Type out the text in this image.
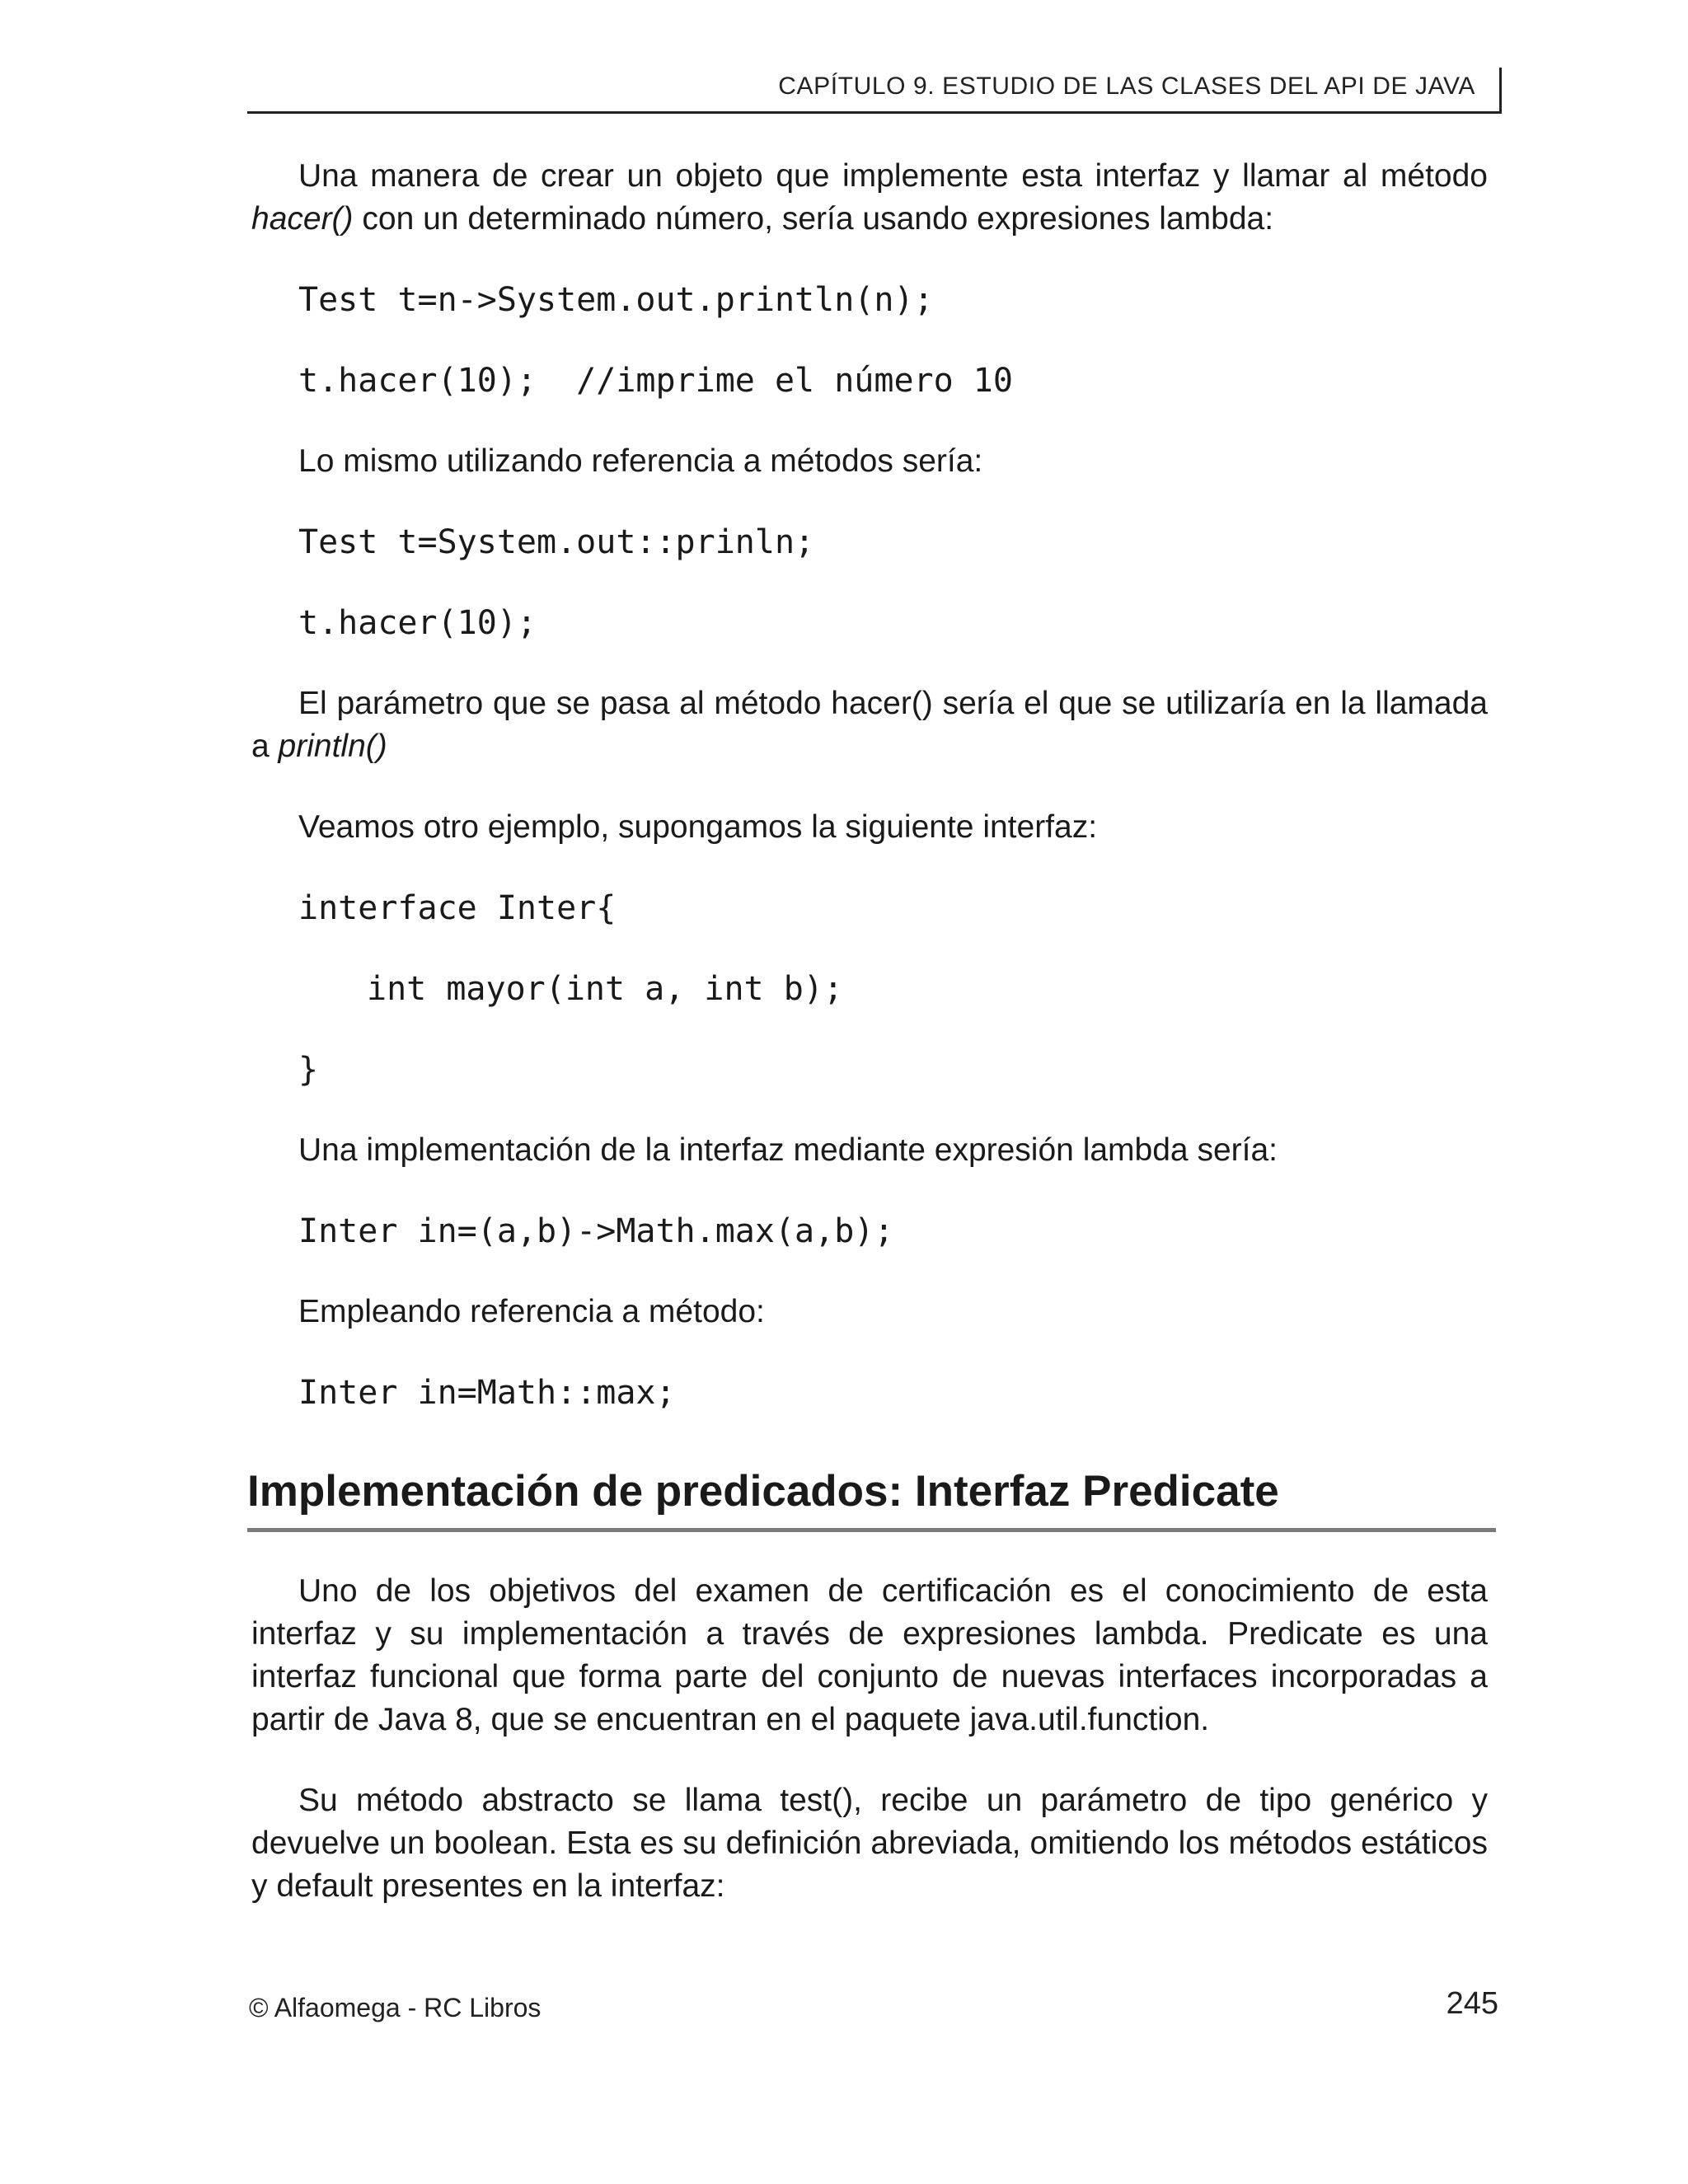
CAPÍTULO 9. ESTUDIO DE LAS CLASES DEL API DE JAVA

Una manera de crear un objeto que implemente esta interfaz y llamar al método hacer() con un determinado número, sería usando expresiones lambda:

Test t=n->System.out.println(n);
t.hacer(10);  //imprime el número 10

Lo mismo utilizando referencia a métodos sería:

Test t=System.out::prinln;
t.hacer(10);

El parámetro que se pasa al método hacer() sería el que se utilizaría en la llamada a println()

Veamos otro ejemplo, supongamos la siguiente interfaz:

interface Inter{
int mayor(int a, int b);
}

Una implementación de la interfaz mediante expresión lambda sería:

Inter in=(a,b)->Math.max(a,b);

Empleando referencia a método:

Inter in=Math::max;
Implementación de predicados: Interfaz Predicate

Uno de los objetivos del examen de certificación es el conocimiento de esta interfaz y su implementación a través de expresiones lambda. Predicate es una interfaz funcional que forma parte del conjunto de nuevas interfaces incorporadas a partir de Java 8, que se encuentran en el paquete java.util.function.

Su método abstracto se llama test(), recibe un parámetro de tipo genérico y devuelve un boolean. Esta es su definición abreviada, omitiendo los métodos estáticos y default presentes en la interfaz:

© Alfaomega - RC Libros	245
